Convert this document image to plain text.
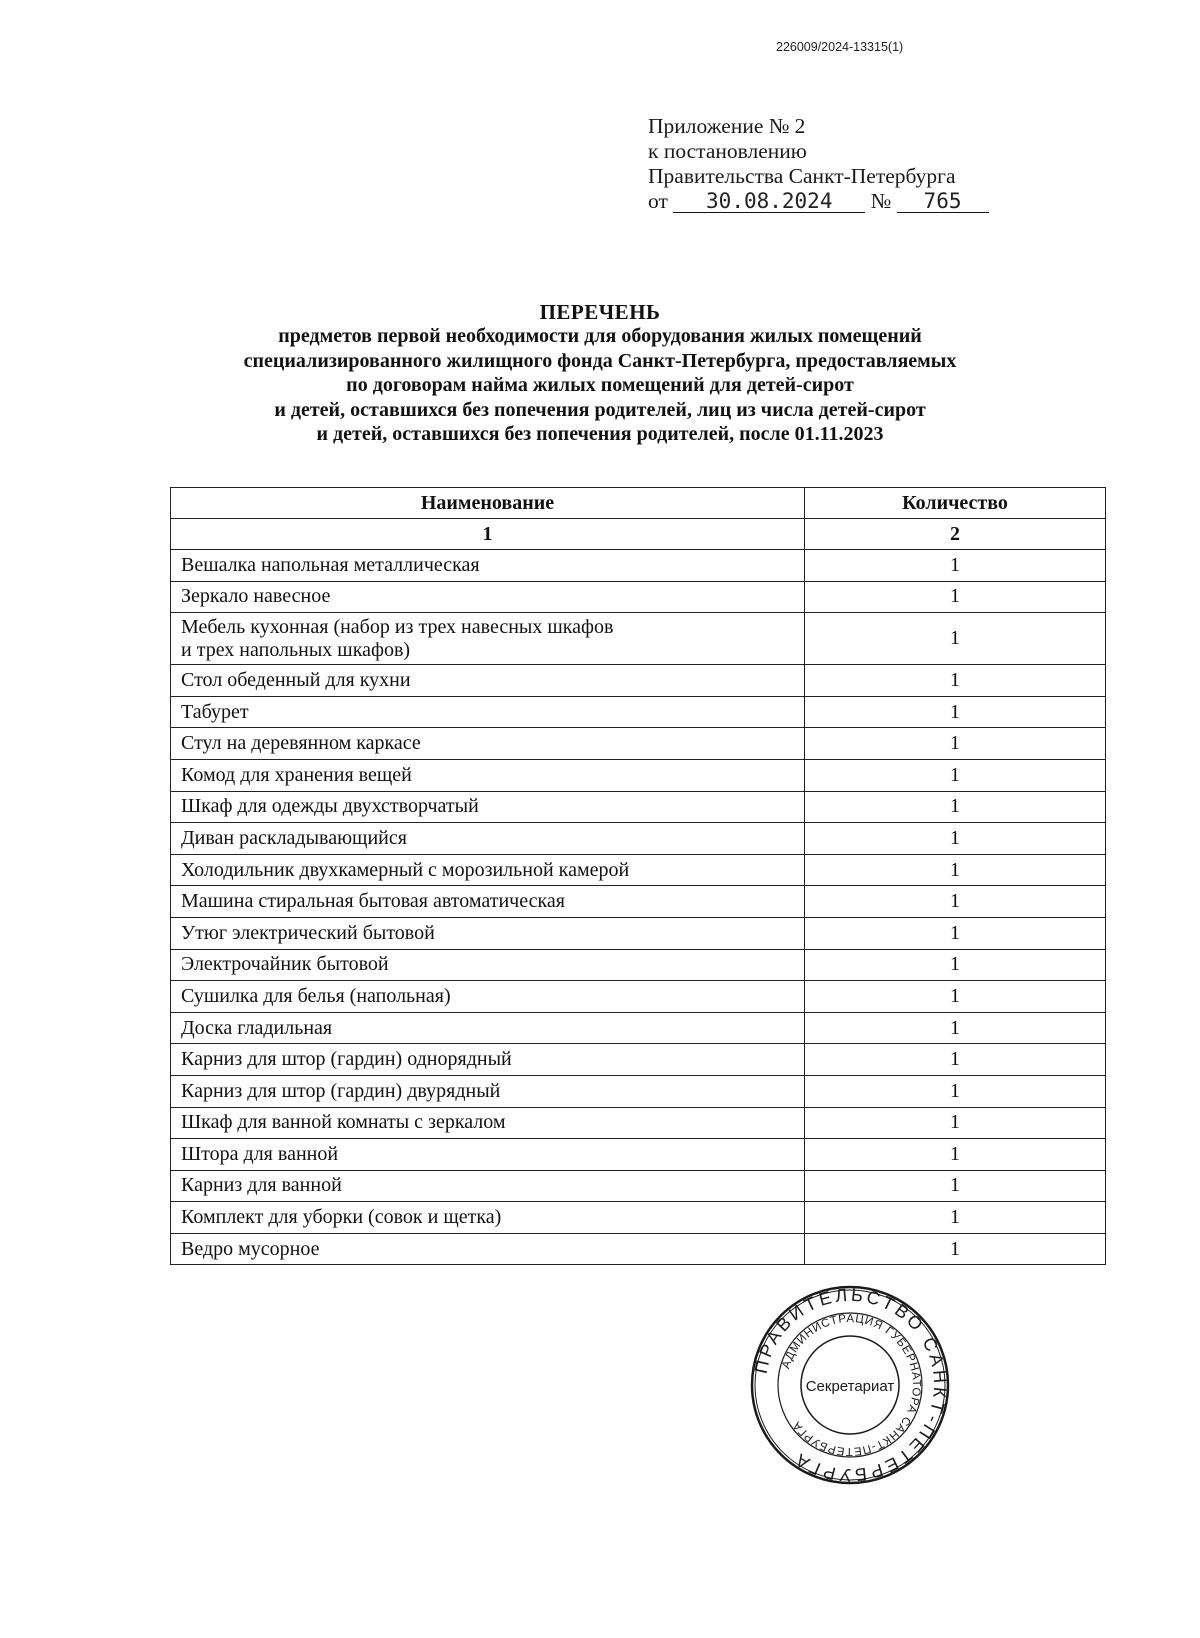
226009/2024-13315(1)
Приложение № 2
к постановлению
Правительства Санкт-Петербурга
от 30.08.2024 № 765
ПЕРЕЧЕНЬ
предметов первой необходимости для оборудования жилых помещений
специализированного жилищного фонда Санкт-Петербурга, предоставляемых
по договорам найма жилых помещений для детей-сирот
и детей, оставшихся без попечения родителей, лиц из числа детей-сирот
и детей, оставшихся без попечения родителей, после 01.11.2023
Наименование	Количество
1	2
Вешалка напольная металлическая	1
Зеркало навесное	1

Мебель кухонная (набор из трех навесных шкафов
и трех напольных шкафов)	1
Стол обеденный для кухни	1
Табурет	1
Стул на деревянном каркасе	1
Комод для хранения вещей	1
Шкаф для одежды двухстворчатый	1
Диван раскладывающийся	1
Холодильник двухкамерный с морозильной камерой	1
Машина стиральная бытовая автоматическая	1
Утюг электрический бытовой	1
Электрочайник бытовой	1
Сушилка для белья (напольная)	1
Доска гладильная	1
Карниз для штор (гардин) однорядный	1
Карниз для штор (гардин) двурядный	1
Шкаф для ванной комнаты с зеркалом	1
Штора для ванной	1
Карниз для ванной	1
Комплект для уборки (совок и щетка)	1
Ведро мусорное	1
ПРАВИТЕЛЬСТВО САНКТ-ПЕТЕРБУРГА
АДМИНИСТРАЦИЯ ГУБЕРНАТОРА САНКТ-ПЕТЕРБУРГА
Секретариат
